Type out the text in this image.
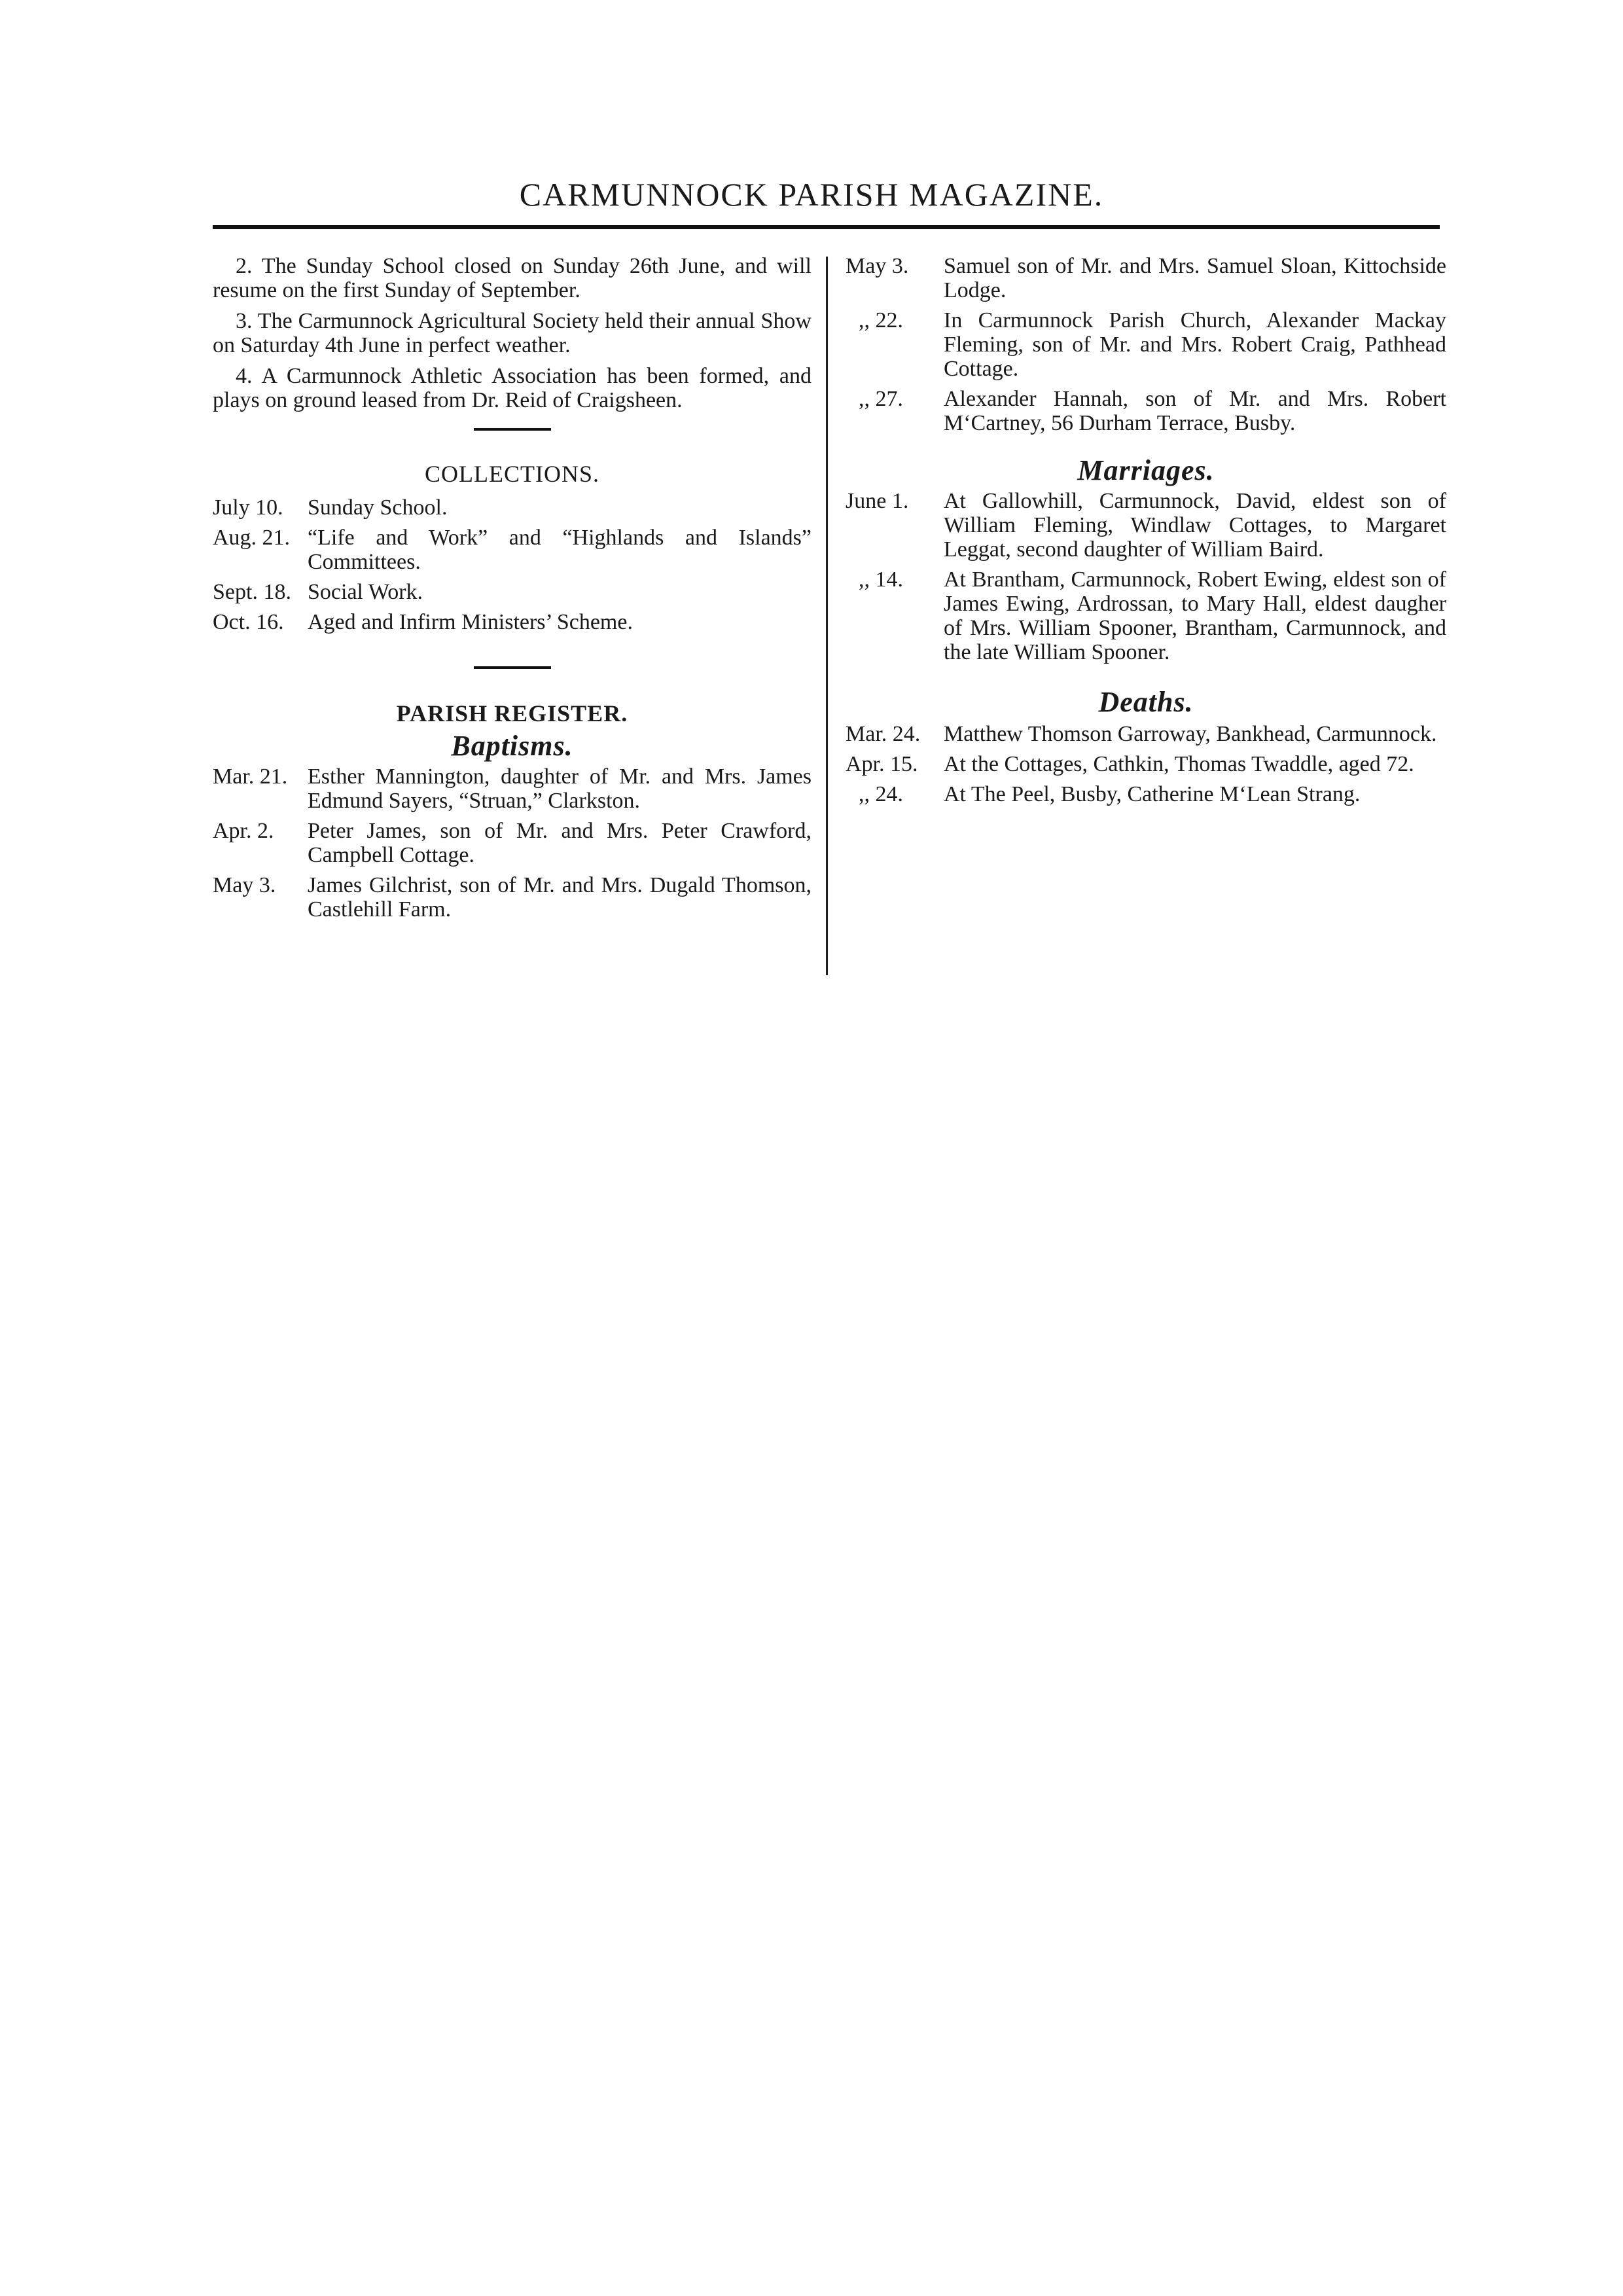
CARMUNNOCK PARISH MAGAZINE.

2. The Sunday School closed on Sunday 26th June, and will resume on the first Sunday of September.

3. The Carmunnock Agricultural Society held their annual Show on Saturday 4th June in perfect weather.

4. A Carmunnock Athletic Association has been formed, and plays on ground leased from Dr. Reid of Craigsheen.

COLLECTIONS.
July 10.	Sunday School.
Aug. 21. “Life and Work” and “Highlands and Islands” Committees.
Sept. 18. Social Work.
Oct. 16.	Aged and Infirm Ministers’ Scheme.
PARISH REGISTER.
Baptisms.
Mar. 21. Esther Mannington, daughter of Mr. and Mrs. James Edmund Sayers, “Struan,” Clarkston.
Apr. 2.	Peter James, son of Mr. and Mrs. Peter Crawford, Campbell Cottage.
May 3.	James Gilchrist, son of Mr. and Mrs. Dugald Thomson, Castlehill Farm.
May 3.	Samuel son of Mr. and Mrs. Samuel Sloan, Kittochside Lodge.
,, 22.	In Carmunnock Parish Church, Alexander Mackay Fleming, son of Mr. and Mrs. Robert Craig, Pathhead Cottage.
,, 27.	Alexander Hannah, son of Mr. and Mrs. Robert M‘Cartney, 56 Durham Terrace, Busby.
Marriages.
June 1.	At Gallowhill, Carmunnock, David, eldest son of William Fleming, Windlaw Cottages, to Margaret Leggat, second daughter of William Baird.
,, 14.	At Brantham, Carmunnock, Robert Ewing, eldest son of James Ewing, Ardrossan, to Mary Hall, eldest daugher of Mrs. William Spooner, Brantham, Carmunnock, and the late William Spooner.
Deaths.
Mar. 24.	Matthew Thomson Garroway, Bankhead, Carmunnock.
Apr. 15.	At the Cottages, Cathkin, Thomas Twaddle, aged 72.
,, 24.	At The Peel, Busby, Catherine M‘Lean Strang.
